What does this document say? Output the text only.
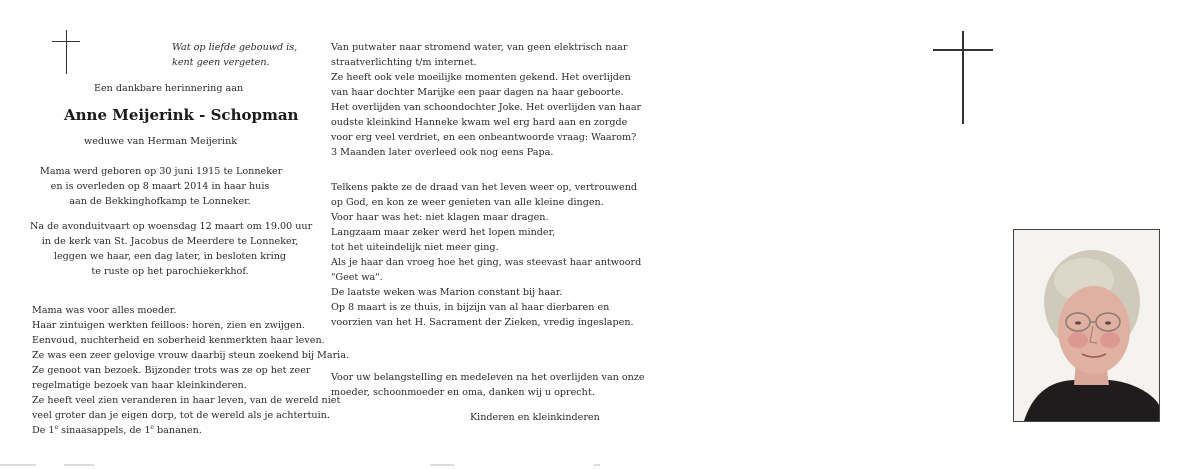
Wat op liefde gebouwd is,
kent geen vergeten.
Een dankbare herinnering aan
Anne Meijerink - Schopman
weduwe van Herman Meijerink
Mama werd geboren op 30 juni 1915 te Lonneker
en is overleden op 8 maart 2014 in haar huis
aan de Bekkinghofkamp te Lonneker.
Na de avonduitvaart op woensdag 12 maart om 19.00 uur
in de kerk van St. Jacobus de Meerdere te Lonneker,
leggen we haar, een dag later, in besloten kring
te ruste op het parochiekerkhof.
Mama was voor alles moeder.
Haar zintuigen werkten feilloos: horen, zien en zwijgen.
Eenvoud, nuchterheid en soberheid kenmerkten haar leven.
Ze was een zeer gelovige vrouw daarbij steun zoekend bij Maria.
Ze genoot van bezoek. Bijzonder trots was ze op het zeer
regelmatige bezoek van haar kleinkinderen.
Ze heeft veel zien veranderen in haar leven, van de wereld niet
veel groter dan je eigen dorp, tot de wereld als je achtertuin.
De 1e sinaasappels, de 1e bananen.
Van putwater naar stromend water, van geen elektrisch naar
straatverlichting t/m internet.
Ze heeft ook vele moeilijke momenten gekend. Het overlijden
van haar dochter Marijke een paar dagen na haar geboorte.
Het overlijden van schoondochter Joke. Het overlijden van haar
oudste kleinkind Hanneke kwam wel erg hard aan en zorgde
voor erg veel verdriet, en een onbeantwoorde vraag: Waarom?
3 Maanden later overleed ook nog eens Papa.
Telkens pakte ze de draad van het leven weer op, vertrouwend
op God, en kon ze weer genieten van alle kleine dingen.
Voor haar was het: niet klagen maar dragen.
Langzaam maar zeker werd het lopen minder,
tot het uiteindelijk niet meer ging.
Als je haar dan vroeg hoe het ging, was steevast haar antwoord
"Geet wa".
De laatste weken was Marion constant bij haar.
Op 8 maart is ze thuis, in bijzijn van al haar dierbaren en
voorzien van het H. Sacrament der Zieken, vredig ingeslapen.
Voor uw belangstelling en medeleven na het overlijden van onze
moeder, schoonmoeder en oma, danken wij u oprecht.
Kinderen en kleinkinderen
